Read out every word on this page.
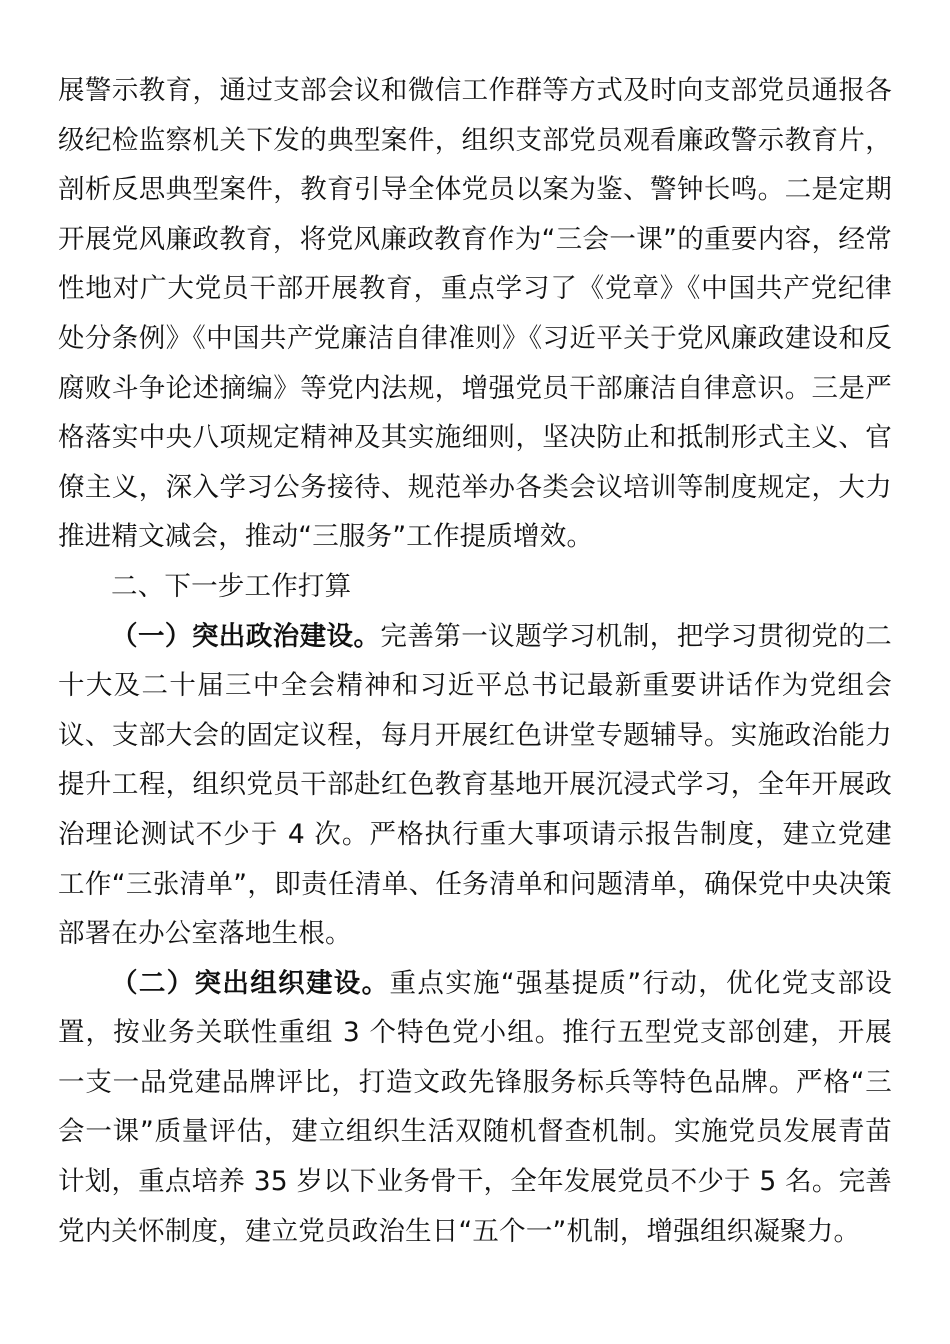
展警示教育，通过支部会议和微信工作群等方式及时向支部党员通报各级纪检监察机关下发的典型案件，组织支部党员观看廉政警示教育片，剖析反思典型案件，教育引导全体党员以案为鉴、警钟长鸣。二是定期开展党风廉政教育，将党风廉政教育作为“三会一课”的重要内容，经常性地对广大党员干部开展教育，重点学习了《党章》《中国共产党纪律处分条例》《中国共产党廉洁自律准则》《习近平关于党风廉政建设和反腐败斗争论述摘编》等党内法规，增强党员干部廉洁自律意识。三是严格落实中央八项规定精神及其实施细则，坚决防止和抵制形式主义、官僚主义，深入学习公务接待、规范举办各类会议培训等制度规定，大力推进精文减会，推动“三服务”工作提质增效。

二、下一步工作打算

（一）突出政治建设。完善第一议题学习机制，把学习贯彻党的二十大及二十届三中全会精神和习近平总书记最新重要讲话作为党组会议、支部大会的固定议程，每月开展红色讲堂专题辅导。实施政治能力提升工程，组织党员干部赴红色教育基地开展沉浸式学习，全年开展政治理论测试不少于 4 次。严格执行重大事项请示报告制度，建立党建工作“三张清单”，即责任清单、任务清单和问题清单，确保党中央决策部署在办公室落地生根。

（二）突出组织建设。重点实施“强基提质”行动，优化党支部设置，按业务关联性重组 3 个特色党小组。推行五型党支部创建，开展一支一品党建品牌评比，打造文政先锋服务标兵等特色品牌。严格“三会一课”质量评估，建立组织生活双随机督查机制。实施党员发展青苗计划，重点培养 35 岁以下业务骨干，全年发展党员不少于 5 名。完善党内关怀制度，建立党员政治生日“五个一”机制，增强组织凝聚力。
